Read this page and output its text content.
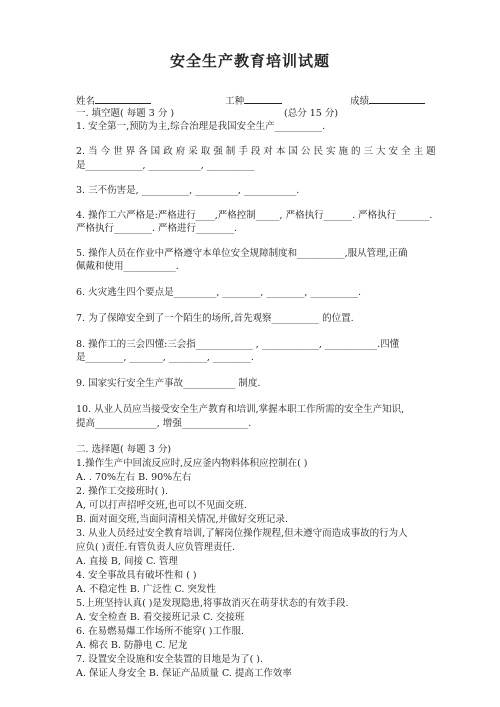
安全生产教育培训试题
姓名	工种	成绩
一. 填空题( 每题 3 分 )	(总分 15 分)
1. 安全第一,预防为主,综合治理是我国安全生产__________.
2. 当 今 世 界 各 国 政 府 采 取 强 制 手 段 对 本 国 公 民 实 施 的 三 大 安 全 主 题
是____________, ___________, __________
3. 三不伤害是, __________, _________, ___________.
4. 操作工六严格是:严格进行____,严格控制_____, 严格执行______. 严格执行_______.
严格执行________. 严格进行________.
5. 操作人员在作业中严格遵守本单位安全规障制度和__________,服从管理,正确
佩戴和使用___________.
6. 火灾逃生四个要点是_________, ________, ________, __________.
7. 为了保障安全到了一个陌生的场所,首先观察__________ 的位置.
8. 操作工的三会四懂:三会指____________ , ____________, ___________.四懂
是________, _______, ________, ________.
9. 国家实行安全生产事故___________ 制度.
10. 从业人员应当接受安全生产教育和培训,掌握本职工作所需的安全生产知识,
提高_____________, 增强______________.
二. 选择题( 每题 3 分)
1.操作生产中回流反应时,反应釜内物料体积应控制在( )
A. . 70%左右 B. 90%左右
2. 操作工交接班时( ).
A, 可以打声招呼交班,也可以不见面交班.
B. 面对面交班,当面问清相关情况,并做好交班记录.
3. 从业人员经过安全教育培训,了解岗位操作规程,但未遵守而造成事故的行为人
应负( )责任.有管负责人应负管理责任.
A. 直接 B, 间接 C. 管理
4. 安全事故具有破坏性和 ( )
A. 不稳定性 B. 广泛性 C. 突发性
5.上班坚持认真( )是发现隐患,将事故消灭在萌芽状态的有效手段.
A. 安全检查 B. 看交接班记录 C. 交接班
6. 在易燃易爆工作场所不能穿( )工作服.
A. 棉衣 B. 防静电 C. 尼龙
7. 设置安全设施和安全装置的目地是为了( ).
A. 保证人身安全 B. 保证产品质量 C. 提高工作效率
